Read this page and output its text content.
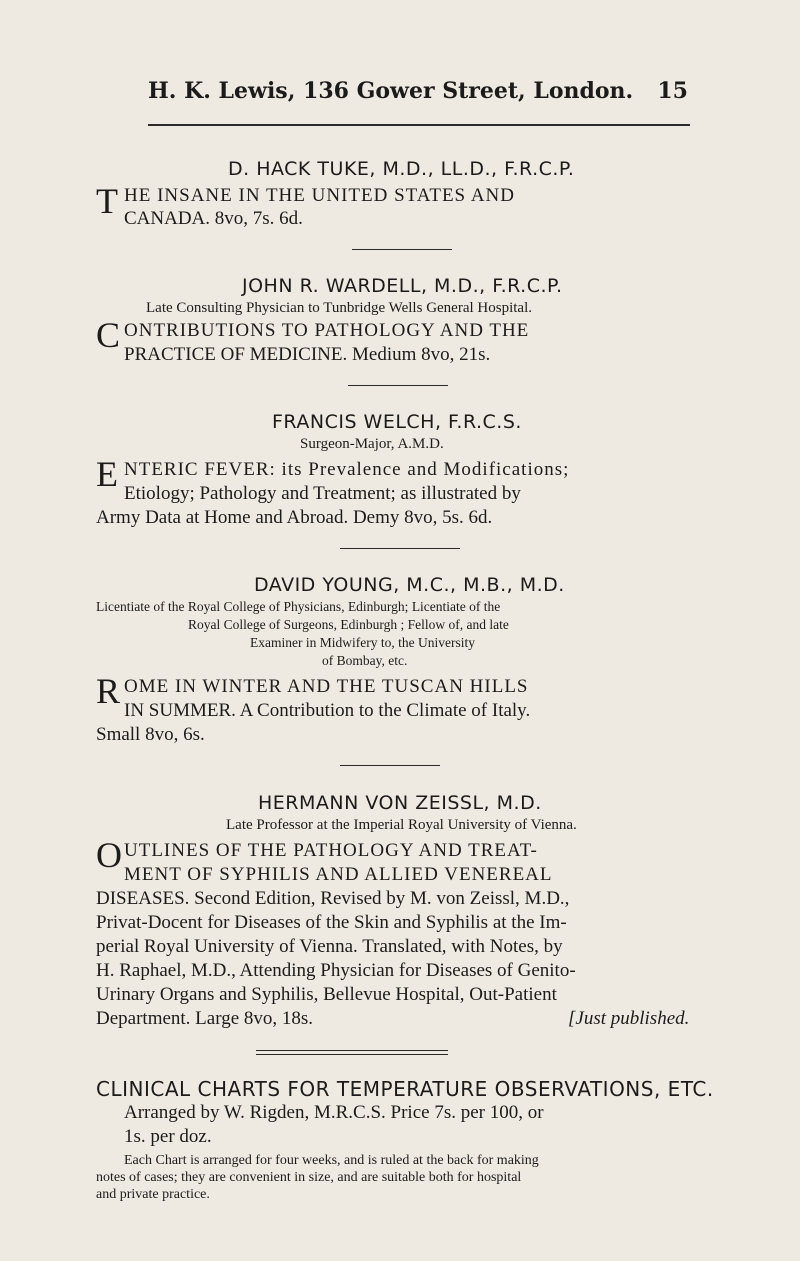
H. K. Lewis, 136 Gower Street, London. 15
D. HACK TUKE, M.D., LL.D., F.R.C.P.
T HE INSANE IN THE UNITED STATES AND
CANADA. 8vo, 7s. 6d.
JOHN R. WARDELL, M.D., F.R.C.P.
Late Consulting Physician to Tunbridge Wells General Hospital.
C ONTRIBUTIONS TO PATHOLOGY AND THE
PRACTICE OF MEDICINE. Medium 8vo, 21s.
FRANCIS WELCH, F.R.C.S.
Surgeon-Major, A.M.D.
E NTERIC FEVER: its Prevalence and Modifications;
Etiology; Pathology and Treatment; as illustrated by
Army Data at Home and Abroad. Demy 8vo, 5s. 6d.
DAVID YOUNG, M.C., M.B., M.D.
Licentiate of the Royal College of Physicians, Edinburgh; Licentiate of the
Royal College of Surgeons, Edinburgh ; Fellow of, and late
Examiner in Midwifery to, the University
of Bombay, etc.
R OME IN WINTER AND THE TUSCAN HILLS
IN SUMMER. A Contribution to the Climate of Italy.
Small 8vo, 6s.
HERMANN VON ZEISSL, M.D.
Late Professor at the Imperial Royal University of Vienna.
O UTLINES OF THE PATHOLOGY AND TREAT-
MENT OF SYPHILIS AND ALLIED VENEREAL
DISEASES. Second Edition, Revised by M. von Zeissl, M.D.,
Privat-Docent for Diseases of the Skin and Syphilis at the Im-
perial Royal University of Vienna. Translated, with Notes, by
H. Raphael, M.D., Attending Physician for Diseases of Genito-
Urinary Organs and Syphilis, Bellevue Hospital, Out-Patient
Department. Large 8vo, 18s.	[Just published.
CLINICAL CHARTS FOR TEMPERATURE OBSERVATIONS, ETC.
Arranged by W. Rigden, M.R.C.S. Price 7s. per 100, or
1s. per doz.
Each Chart is arranged for four weeks, and is ruled at the back for making
notes of cases; they are convenient in size, and are suitable both for hospital
and private practice.
